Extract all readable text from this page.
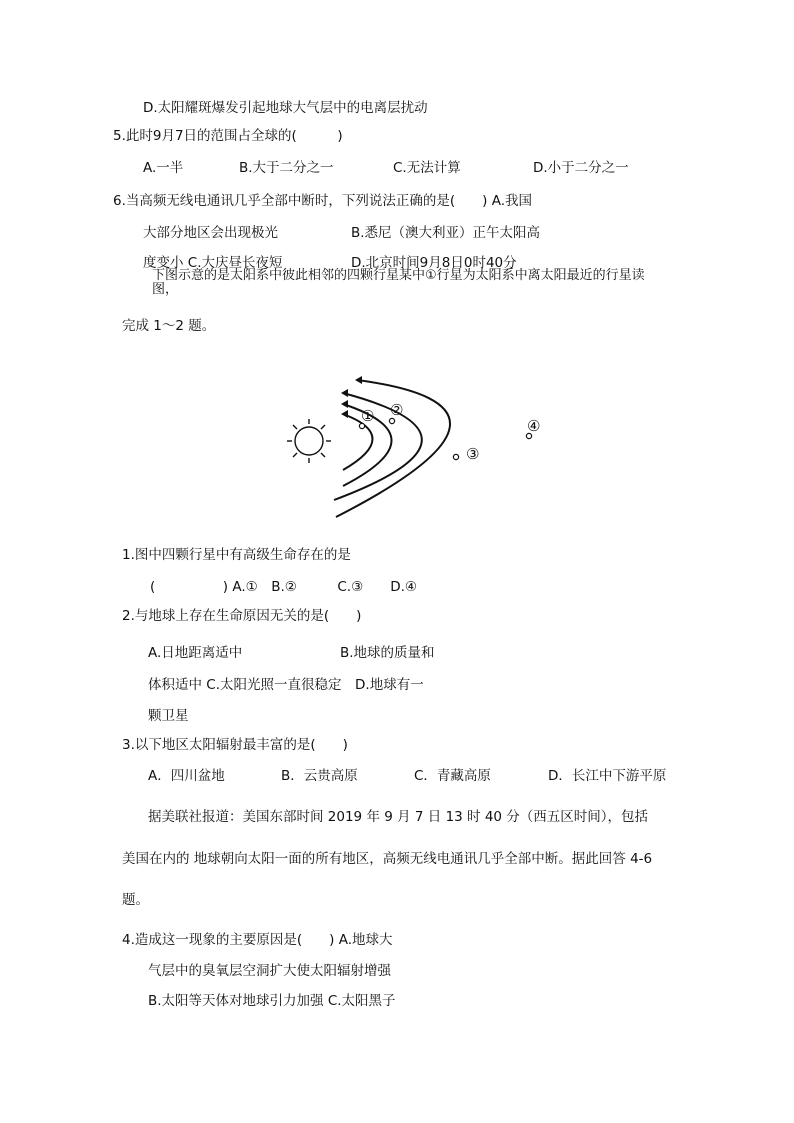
D.太阳耀斑爆发引起地球大气层中的电离层扰动
5.此时9月7日的范围占全球的(　　　)
A.一半	B.大于二分之一	C.无法计算	D.小于二分之一
6.当高频无线电通讯几乎全部中断时，下列说法正确的是(　　) A.我国
大部分地区会出现极光	B.悉尼（澳大利亚）正午太阳高
度变小 C.大庆昼长夜短	D.北京时间9月8日0时40分
下图示意的是太阳系中彼此相邻的四颗行星某中①行星为太阳系中离太阳最近的行星读
图，
完成 1～2 题。
① ②
③
④
1.图中四颗行星中有高级生命存在的是
(　　　　　) A.①　B.②　　　C.③　　D.④
2.与地球上存在生命原因无关的是(　　)
A.日地距离适中	B.地球的质量和
体积适中 C.太阳光照一直很稳定　D.地球有一
颗卫星
3.以下地区太阳辐射最丰富的是(　　)
A．四川盆地	B．云贵高原	C．青藏高原	D．长江中下游平原
据美联社报道：美国东部时间 2019 年 9 月 7 日 13 时 40 分（西五区时间），包括
美国在内的 地球朝向太阳一面的所有地区，高频无线电通讯几乎全部中断。据此回答 4-6
题。
4.造成这一现象的主要原因是(　　) A.地球大
气层中的臭氧层空洞扩大使太阳辐射增强
B.太阳等天体对地球引力加强 C.太阳黑子
